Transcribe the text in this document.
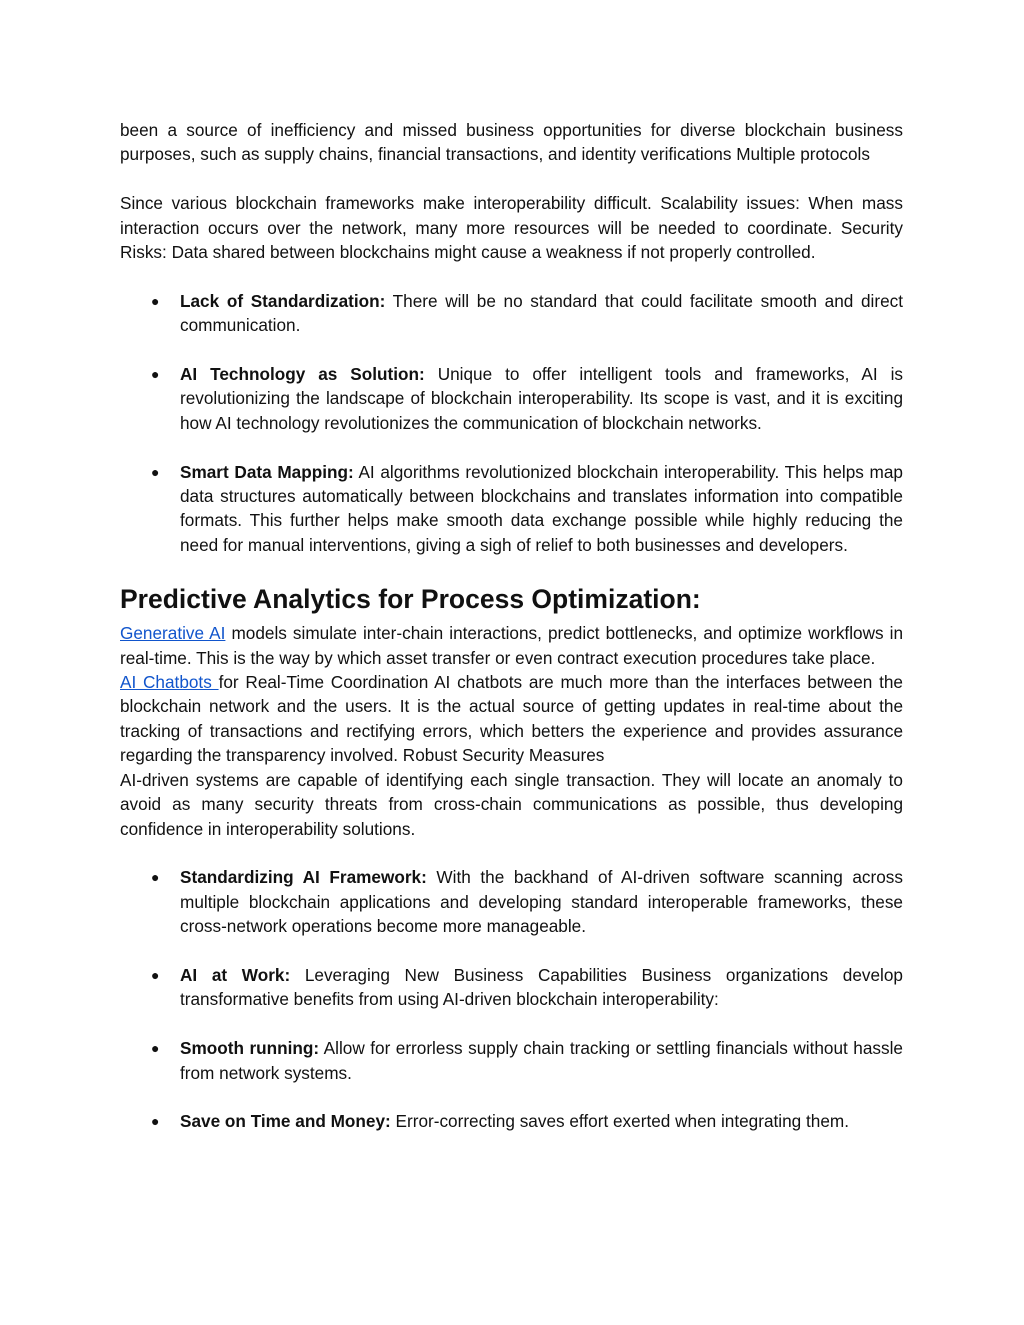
been a source of inefficiency and missed business opportunities for diverse blockchain business purposes, such as supply chains, financial transactions, and identity verifications Multiple protocols

Since various blockchain frameworks make interoperability difficult. Scalability issues: When mass interaction occurs over the network, many more resources will be needed to coordinate. Security Risks: Data shared between blockchains might cause a weakness if not properly controlled.

● Lack of Standardization: There will be no standard that could facilitate smooth and direct communication.
● AI Technology as Solution: Unique to offer intelligent tools and frameworks, AI is revolutionizing the landscape of blockchain interoperability. Its scope is vast, and it is exciting how AI technology revolutionizes the communication of blockchain networks.
● Smart Data Mapping: AI algorithms revolutionized blockchain interoperability. This helps map data structures automatically between blockchains and translates information into compatible formats. This further helps make smooth data exchange possible while highly reducing the need for manual interventions, giving a sigh of relief to both businesses and developers.
Predictive Analytics for Process Optimization:

Generative AI models simulate inter-chain interactions, predict bottlenecks, and optimize workflows in real-time. This is the way by which asset transfer or even contract execution procedures take place.

AI Chatbots for Real-Time Coordination AI chatbots are much more than the interfaces between the blockchain network and the users. It is the actual source of getting updates in real-time about the tracking of transactions and rectifying errors, which betters the experience and provides assurance regarding the transparency involved. Robust Security Measures

AI-driven systems are capable of identifying each single transaction. They will locate an anomaly to avoid as many security threats from cross-chain communications as possible, thus developing confidence in interoperability solutions.

● Standardizing AI Framework: With the backhand of AI-driven software scanning across multiple blockchain applications and developing standard interoperable frameworks, these cross-network operations become more manageable.
● AI at Work: Leveraging New Business Capabilities Business organizations develop transformative benefits from using AI-driven blockchain interoperability:
● Smooth running: Allow for errorless supply chain tracking or settling financials without hassle from network systems.
● Save on Time and Money: Error-correcting saves effort exerted when integrating them.
